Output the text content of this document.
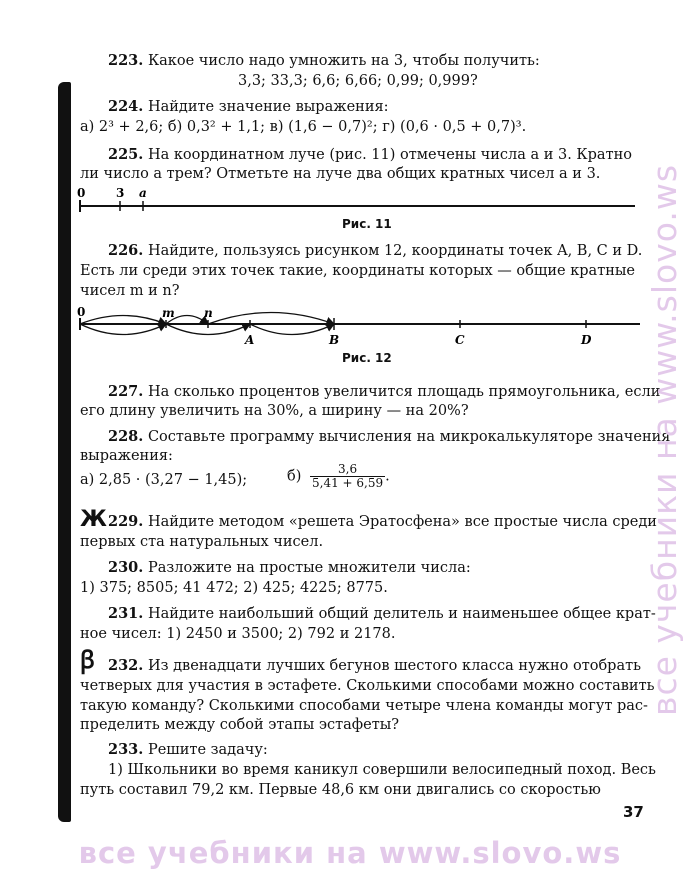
223. Какое число надо умножить на 3, чтобы получить:
3,3; 33,3; 6,6; 6,66; 0,99; 0,999?
224. Найдите значение выражения:
а) 2³ + 2,6; б) 0,3² + 1,1; в) (1,6 − 0,7)²; г) (0,6 · 0,5 + 0,7)³.
225. На координатном луче (рис. 11) отмечены числа a и 3. Кратно
ли число a трем? Отметьте на луче два общих кратных чисел a и 3.
0	3 a
Рис. 11
226. Найдите, пользуясь рисунком 12, координаты точек A, B, C и D.
Есть ли среди этих точек такие, координаты которых — общие кратные
чисел m и n?
0	m n
A	B	C	D
Рис. 12
227. На сколько процентов увеличится площадь прямоугольника, если
его длину увеличить на 30%, а ширину — на 20%?
228. Составьте программу вычисления на микрокалькуляторе значения
выражения:
а) 2,85 · (3,27 − 1,45);	$б) \frac{3,6}{5,41 + 6,59}$ .
Ж 229. Найдите методом «решета Эратосфена» все простые числа среди
первых ста натуральных чисел.
230. Разложите на простые множители числа:
1) 375; 8505; 41 472; 2) 425; 4225; 8775.
231. Найдите наибольший общий делитель и наименьшее общее крат-
ное чисел: 1) 2450 и 3500; 2) 792 и 2178.
ꞵ 232. Из двенадцати лучших бегунов шестого класса нужно отобрать
четверых для участия в эстафете. Сколькими способами можно составить
такую команду? Сколькими способами четыре члена команды могут рас-
пределить между собой этапы эстафеты?
233. Решите задачу:
1) Школьники во время каникул совершили велосипедный поход. Весь
путь составил 79,2 км. Первые 48,6 км они двигались со скоростью
37
все учебники на www.slovo.ws
все учебники на www.slovo.ws
